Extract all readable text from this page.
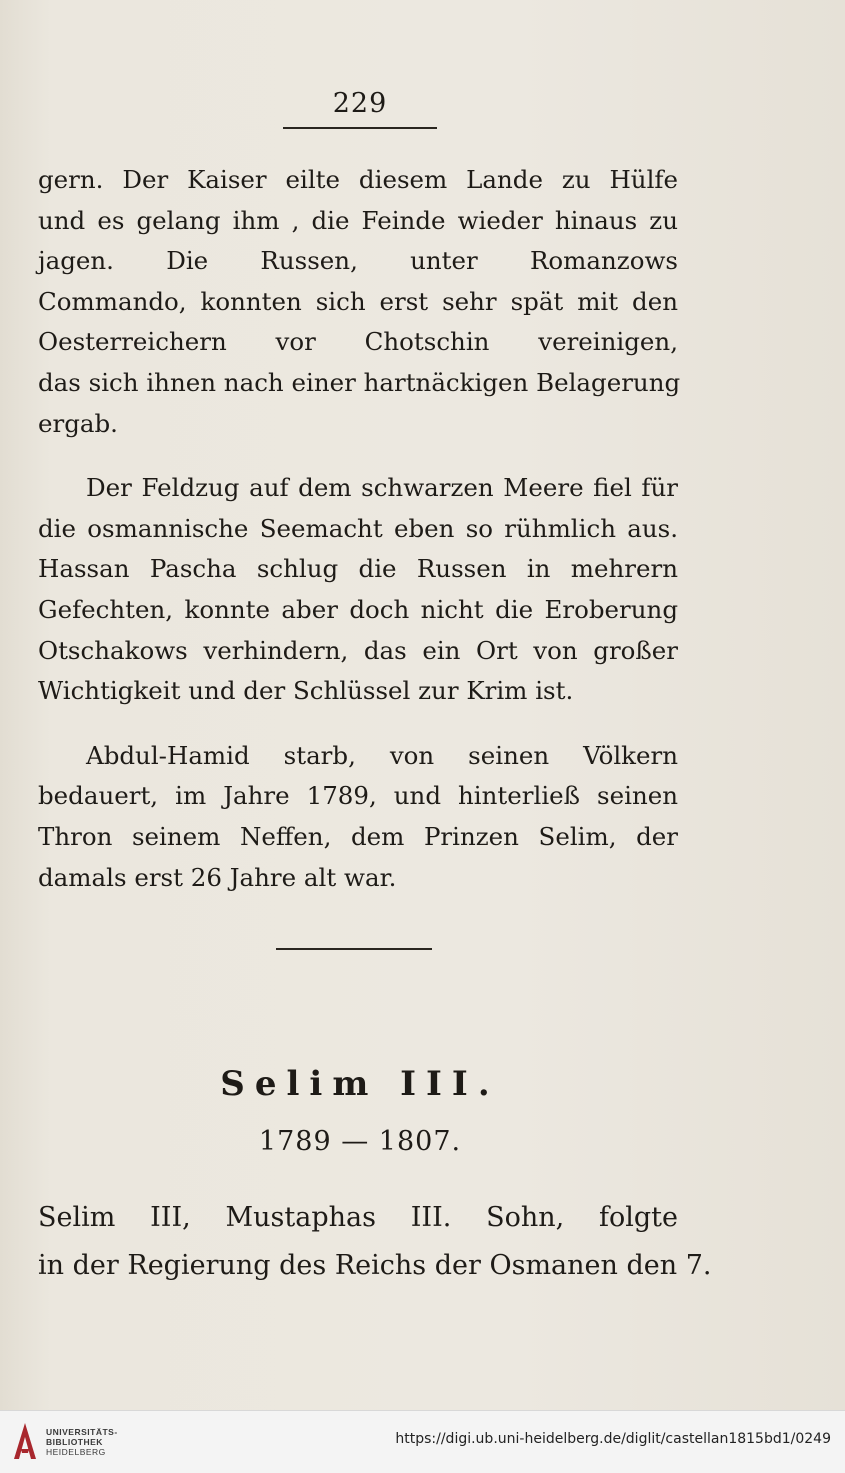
229
gern. Der Kaiser eilte diesem Lande zu Hülfe
und es gelang ihm , die Feinde wieder hinaus zu
jagen. Die Russen, unter Romanzows
Commando, konnten sich erst sehr spät mit den
Oesterreichern vor Chotschin vereinigen,
das sich ihnen nach einer hartnäckigen Belagerung
ergab.
Der Feldzug auf dem schwarzen Meere fiel für
die osmannische Seemacht eben so rühmlich aus.
Hassan Pascha schlug die Russen in mehrern
Gefechten, konnte aber doch nicht die Eroberung
Otschakows verhindern, das ein Ort von großer
Wichtigkeit und der Schlüssel zur Krim ist.
Abdul-Hamid starb, von seinen Völkern
bedauert, im Jahre 1789, und hinterließ seinen
Thron seinem Neffen, dem Prinzen Selim, der
damals erst 26 Jahre alt war.
Selim III.
1789 — 1807.
Selim III, Mustaphas III. Sohn, folgte
in der Regierung des Reichs der Osmanen den 7.
UNIVERSITÄTS-
BIBLIOTHEK
HEIDELBERG
https://digi.ub.uni-heidelberg.de/diglit/castellan1815bd1/0249
